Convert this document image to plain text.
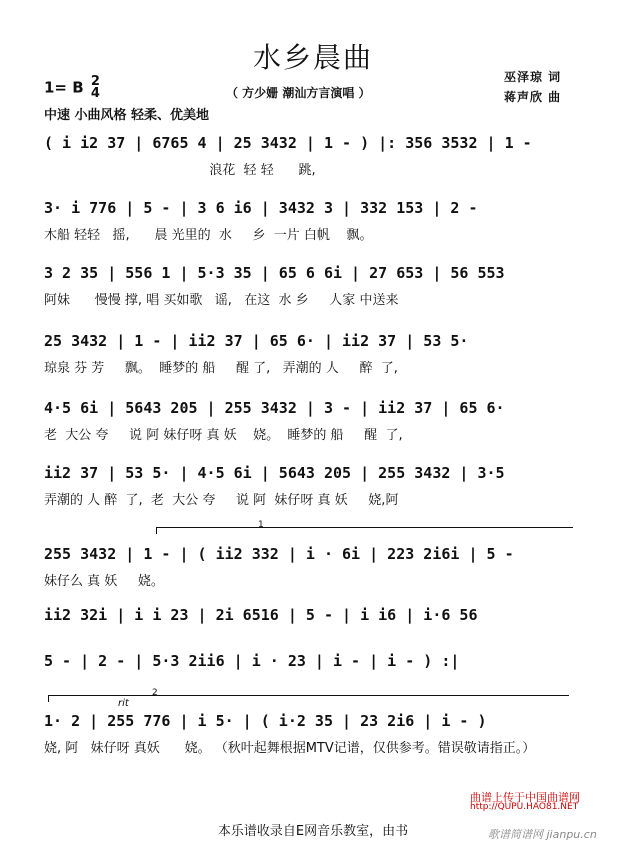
水乡晨曲
1= B 2
4	（ 方少姗 潮汕方言演唱 ）
巫泽琼 词
蒋声欣 曲
中速 小曲风格 轻柔、优美地
( i i2 37 | 6765 4 | 25 3432 | 1 - ) |: 356 3532 | 1 -
浪花  轻 轻      跳,
3· i 776 | 5 - | 3 6 i6 | 3432 3 | 332 153 | 2 -
木船 轻轻   摇,      晨 光里的  水     乡  一片 白帆    飘。
3 2 35 | 556 1 | 5·3 35 | 65 6 6i | 27 653 | 56 553
阿妹      慢慢 撑, 唱 买如歌   谣,   在这  水 乡     人家 中送来
25 3432 | 1 - | ii2 37 | 65 6· | ii2 37 | 53 5·
琼泉 芬 芳     飘。  睡梦的 船     醒 了,   弄潮的 人     醉  了,
4·5 6i | 5643 205 | 255 3432 | 3 - | ii2 37 | 65 6·
老  大公 夸     说 阿 妹仔呀 真 妖    娆。  睡梦的 船     醒  了,
ii2 37 | 53 5· | 4·5 6i | 5643 205 | 255 3432 | 3·5
弄潮的 人 醉  了,  老  大公 夸     说 阿  妹仔呀 真 妖     娆,阿
255 3432 | 1 - | ( ii2 332 | i · 6i | 223 2i6i | 5 -
妹仔么 真 妖     娆。
ii2 32i | i i 23 | 2i 6516 | 5 - | i i6 | i·6 56
5 - | 2 - | 5·3 2ii6 | i · 23 | i - | i - ) :|
1· 2 | 255 776 | i 5· | ( i·2 35 | 23 2i6 | i - )
娆, 阿   妹仔呀 真妖      娆。 （秋叶起舞根据MTV记谱，仅供参考。错误敬请指正。）
1
2
rit
曲谱上传于中国曲谱网
http://QUPU.HAO81.NET
歌谱简谱网 jianpu.cn
本乐谱收录自E网音乐教室，由书
